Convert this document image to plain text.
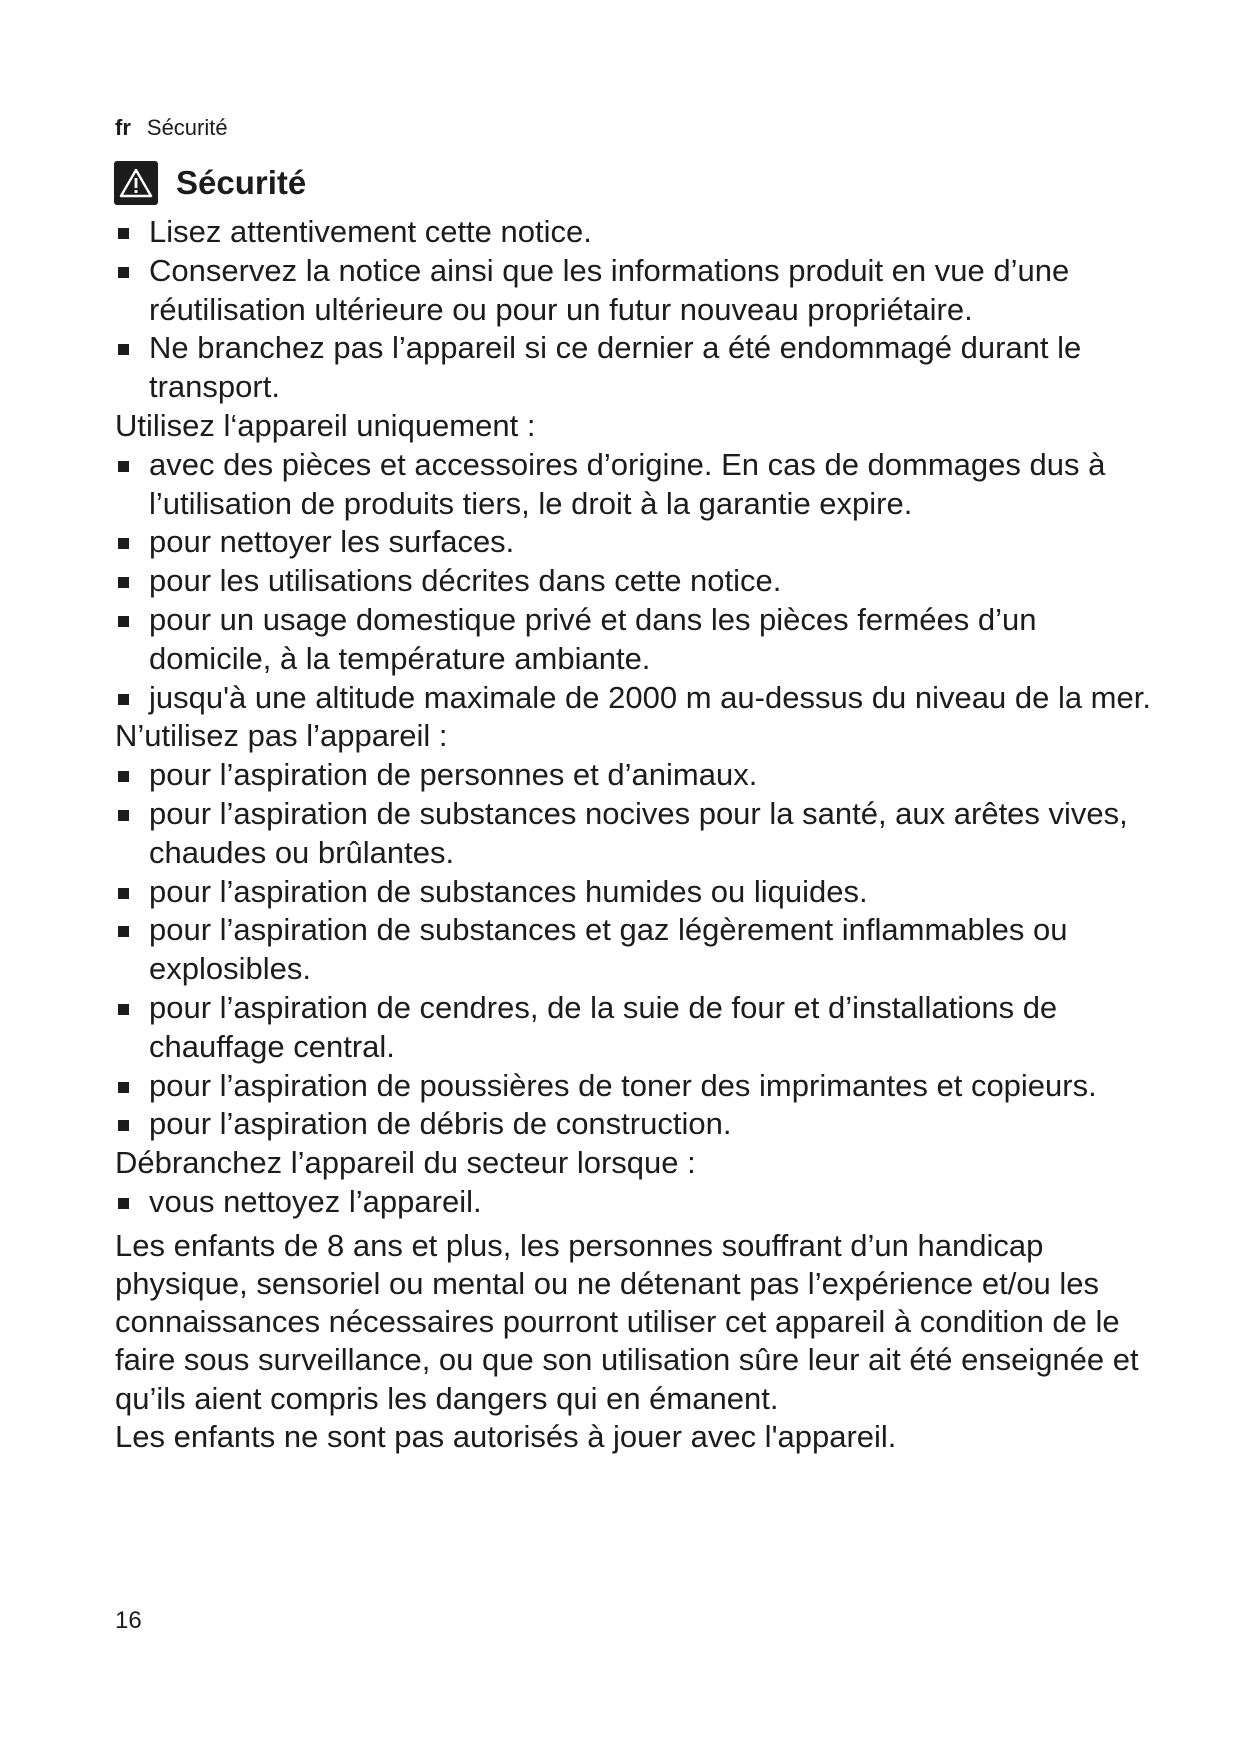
fr Sécurité
Sécurité
Lisez attentivement cette notice.
Conservez la notice ainsi que les informations produit en vue d’une réutilisation ultérieure ou pour un futur nouveau propriétaire.
Ne branchez pas l’appareil si ce dernier a été endommagé durant le transport.

Utilisez l‘appareil uniquement :

avec des pièces et accessoires d’origine. En cas de dommages dus à l’utilisation de produits tiers, le droit à la garantie expire.
pour nettoyer les surfaces.
pour les utilisations décrites dans cette notice.
pour un usage domestique privé et dans les pièces fermées d’un domicile, à la température ambiante.
jusqu'à une altitude maximale de 2000 m au-dessus du niveau de la mer.

N’utilisez pas l’appareil :

pour l’aspiration de personnes et d’animaux.
pour l’aspiration de substances nocives pour la santé, aux arêtes vives, chaudes ou brûlantes.
pour l’aspiration de substances humides ou liquides.
pour l’aspiration de substances et gaz légèrement inflammables ou explosibles.
pour l’aspiration de cendres, de la suie de four et d’installations de chauffage central.
pour l’aspiration de poussières de toner des imprimantes et copieurs.
pour l’aspiration de débris de construction.

Débranchez l’appareil du secteur lorsque :

vous nettoyez l’appareil.

Les enfants de 8 ans et plus, les personnes souffrant d’un handicap physique, sensoriel ou mental ou ne détenant pas l’expérience et/ou les connaissances nécessaires pourront utiliser cet appareil à condition de le faire sous surveillance, ou que son utilisation sûre leur ait été enseignée et qu’ils aient compris les dangers qui en émanent.

Les enfants ne sont pas autorisés à jouer avec l'appareil.

16
